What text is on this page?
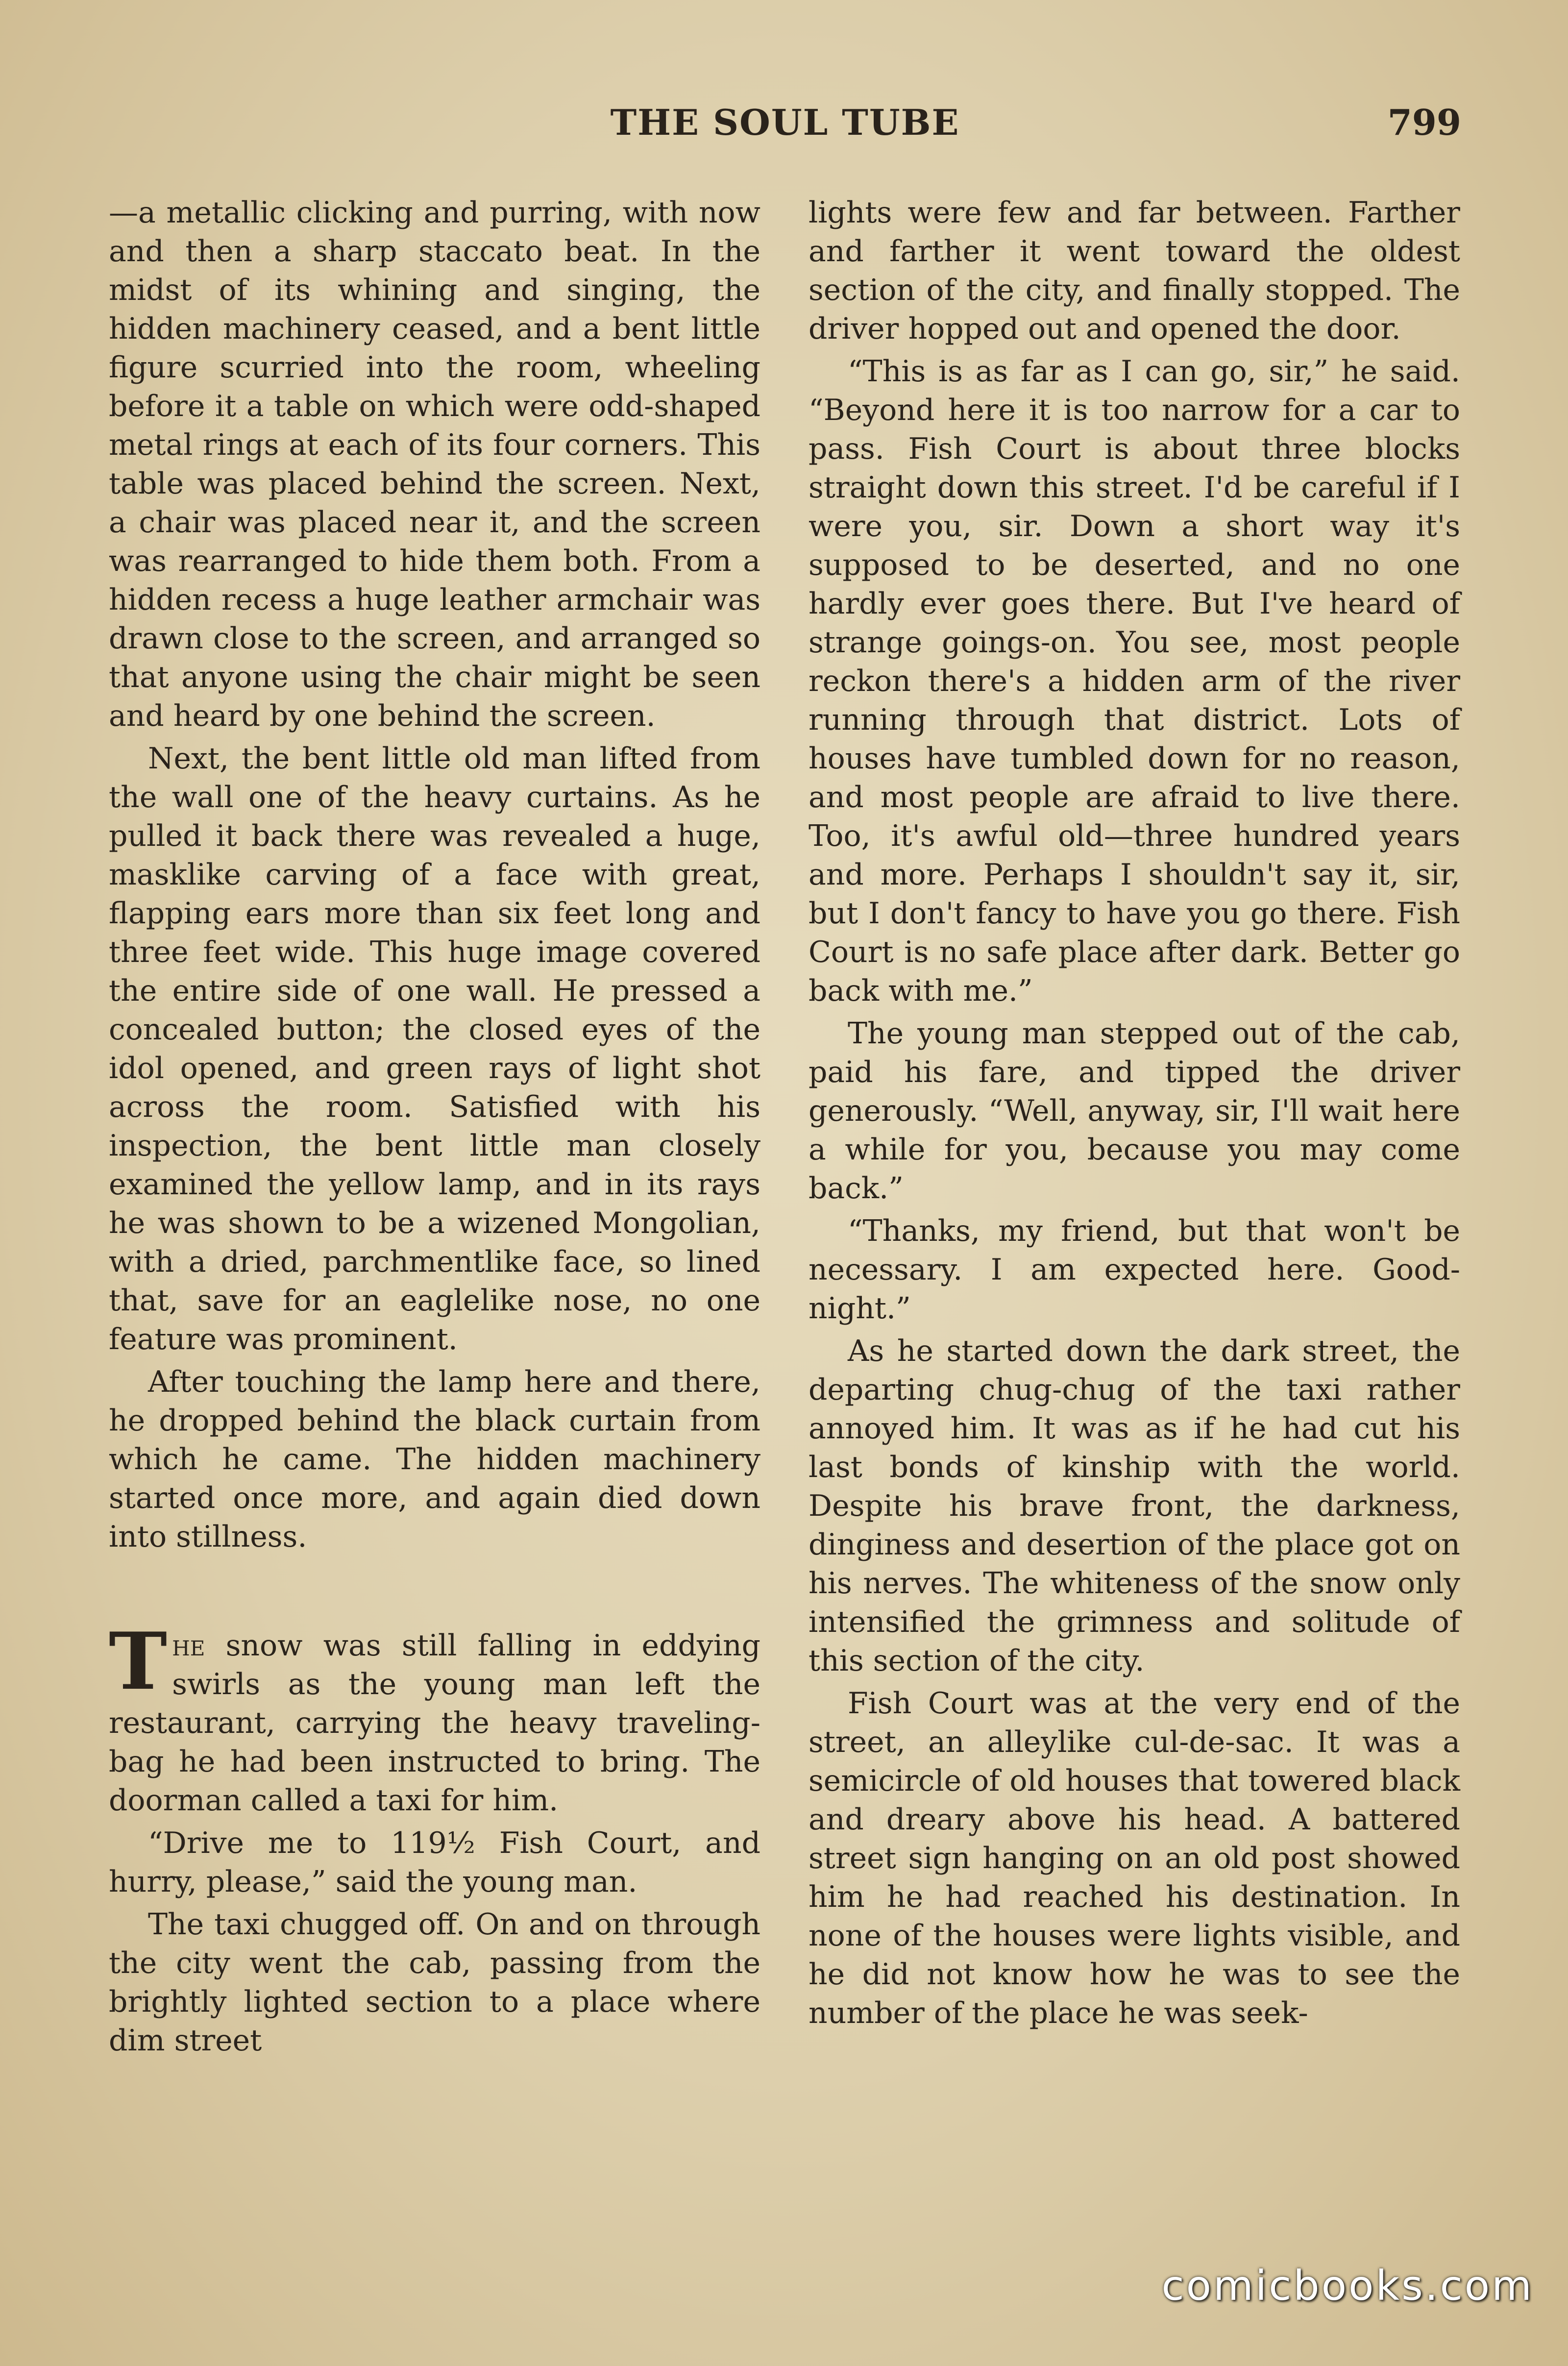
THE SOUL TUBE	799

—a metallic clicking and purring, with now and then a sharp staccato beat. In the midst of its whining and singing, the hidden machinery ceased, and a bent little figure scurried into the room, wheeling before it a table on which were odd-shaped metal rings at each of its four corners. This table was placed behind the screen. Next, a chair was placed near it, and the screen was rearranged to hide them both. From a hidden recess a huge leather armchair was drawn close to the screen, and arranged so that anyone using the chair might be seen and heard by one behind the screen.

Next, the bent little old man lifted from the wall one of the heavy curtains. As he pulled it back there was revealed a huge, masklike carving of a face with great, flapping ears more than six feet long and three feet wide. This huge image covered the entire side of one wall. He pressed a concealed button; the closed eyes of the idol opened, and green rays of light shot across the room. Satisfied with his inspection, the bent little man closely examined the yellow lamp, and in its rays he was shown to be a wizened Mongolian, with a dried, parchmentlike face, so lined that, save for an eaglelike nose, no one feature was prominent.

After touching the lamp here and there, he dropped behind the black curtain from which he came. The hidden machinery started once more, and again died down into stillness.

The snow was still falling in eddying swirls as the young man left the restaurant, carrying the heavy traveling-bag he had been instructed to bring. The doorman called a taxi for him.

“Drive me to 119½ Fish Court, and hurry, please,” said the young man.

The taxi chugged off. On and on through the city went the cab, passing from the brightly lighted section to a place where dim street

lights were few and far between. Farther and farther it went toward the oldest section of the city, and finally stopped. The driver hopped out and opened the door.

“This is as far as I can go, sir,” he said. “Beyond here it is too narrow for a car to pass. Fish Court is about three blocks straight down this street. I'd be careful if I were you, sir. Down a short way it's supposed to be deserted, and no one hardly ever goes there. But I've heard of strange goings-on. You see, most people reckon there's a hidden arm of the river running through that district. Lots of houses have tumbled down for no reason, and most people are afraid to live there. Too, it's awful old—three hundred years and more. Perhaps I shouldn't say it, sir, but I don't fancy to have you go there. Fish Court is no safe place after dark. Better go back with me.”

The young man stepped out of the cab, paid his fare, and tipped the driver generously. “Well, anyway, sir, I'll wait here a while for you, because you may come back.”

“Thanks, my friend, but that won't be necessary. I am expected here. Good-night.”

As he started down the dark street, the departing chug-chug of the taxi rather annoyed him. It was as if he had cut his last bonds of kinship with the world. Despite his brave front, the darkness, dinginess and desertion of the place got on his nerves. The whiteness of the snow only intensified the grimness and solitude of this section of the city.

Fish Court was at the very end of the street, an alleylike cul-de-sac. It was a semicircle of old houses that towered black and dreary above his head. A battered street sign hanging on an old post showed him he had reached his destination. In none of the houses were lights visible, and he did not know how he was to see the number of the place he was seek-

comicbooks.com
